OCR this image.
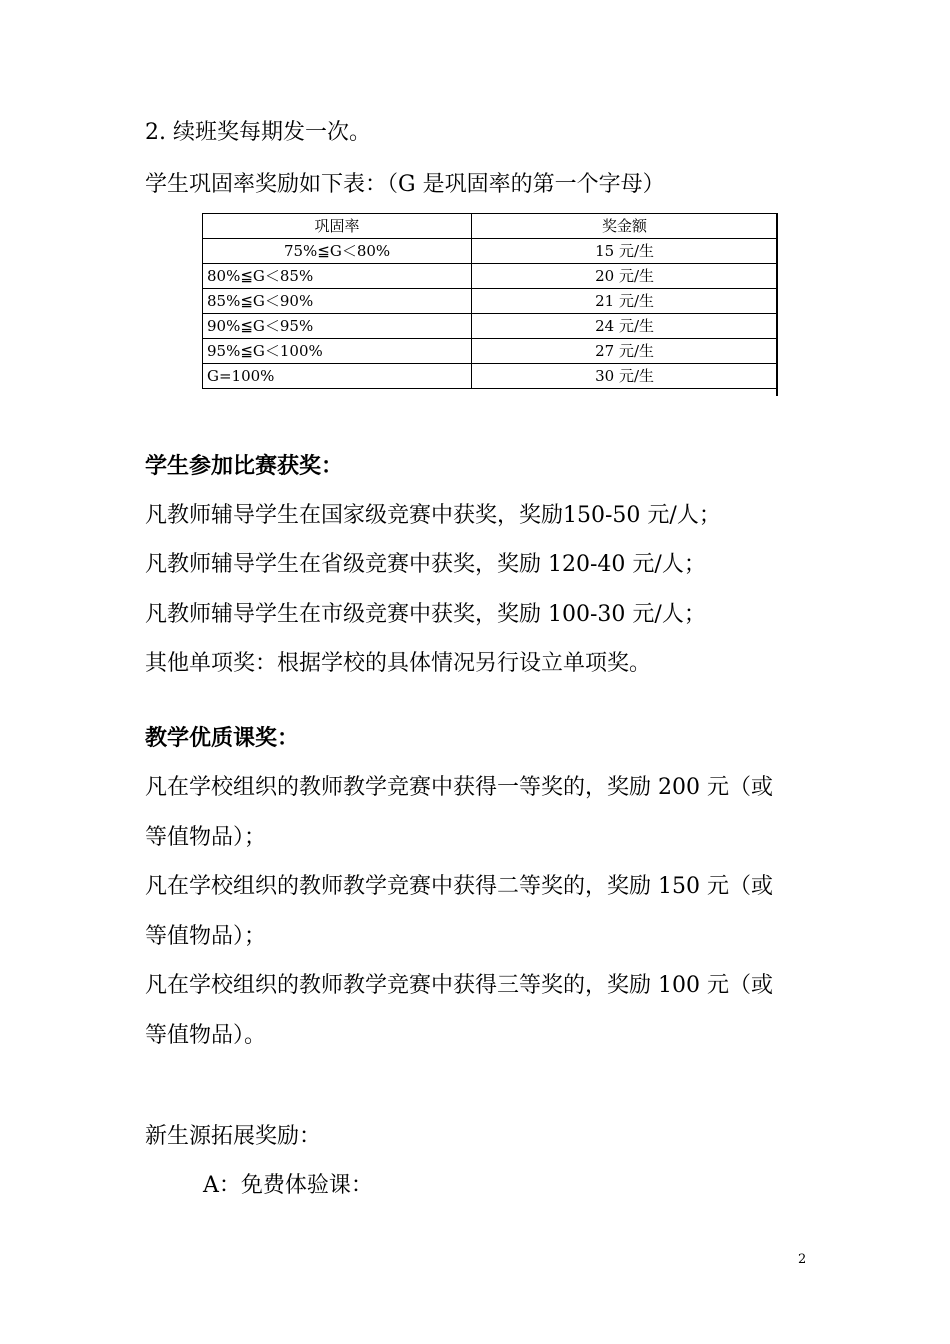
2. 续班奖每期发一次。
学生巩固率奖励如下表：（G 是巩固率的第一个字母）
巩固率	奖金额
75%≦G＜80%	15 元/生
80%≦G＜85%	20 元/生
85%≦G＜90%	21 元/生
90%≦G＜95%	24 元/生
95%≦G＜100%	27 元/生
G=100%	30 元/生
学生参加比赛获奖：
凡教师辅导学生在国家级竞赛中获奖，奖励150-50 元/人；
凡教师辅导学生在省级竞赛中获奖，奖励 120-40 元/人；
凡教师辅导学生在市级竞赛中获奖，奖励 100-30 元/人；
其他单项奖：根据学校的具体情况另行设立单项奖。
教学优质课奖：
凡在学校组织的教师教学竞赛中获得一等奖的，奖励 200 元（或
等值物品）；
凡在学校组织的教师教学竞赛中获得二等奖的，奖励 150 元（或
等值物品）；
凡在学校组织的教师教学竞赛中获得三等奖的，奖励 100 元（或
等值物品）。
新生源拓展奖励：
A：免费体验课：
2
